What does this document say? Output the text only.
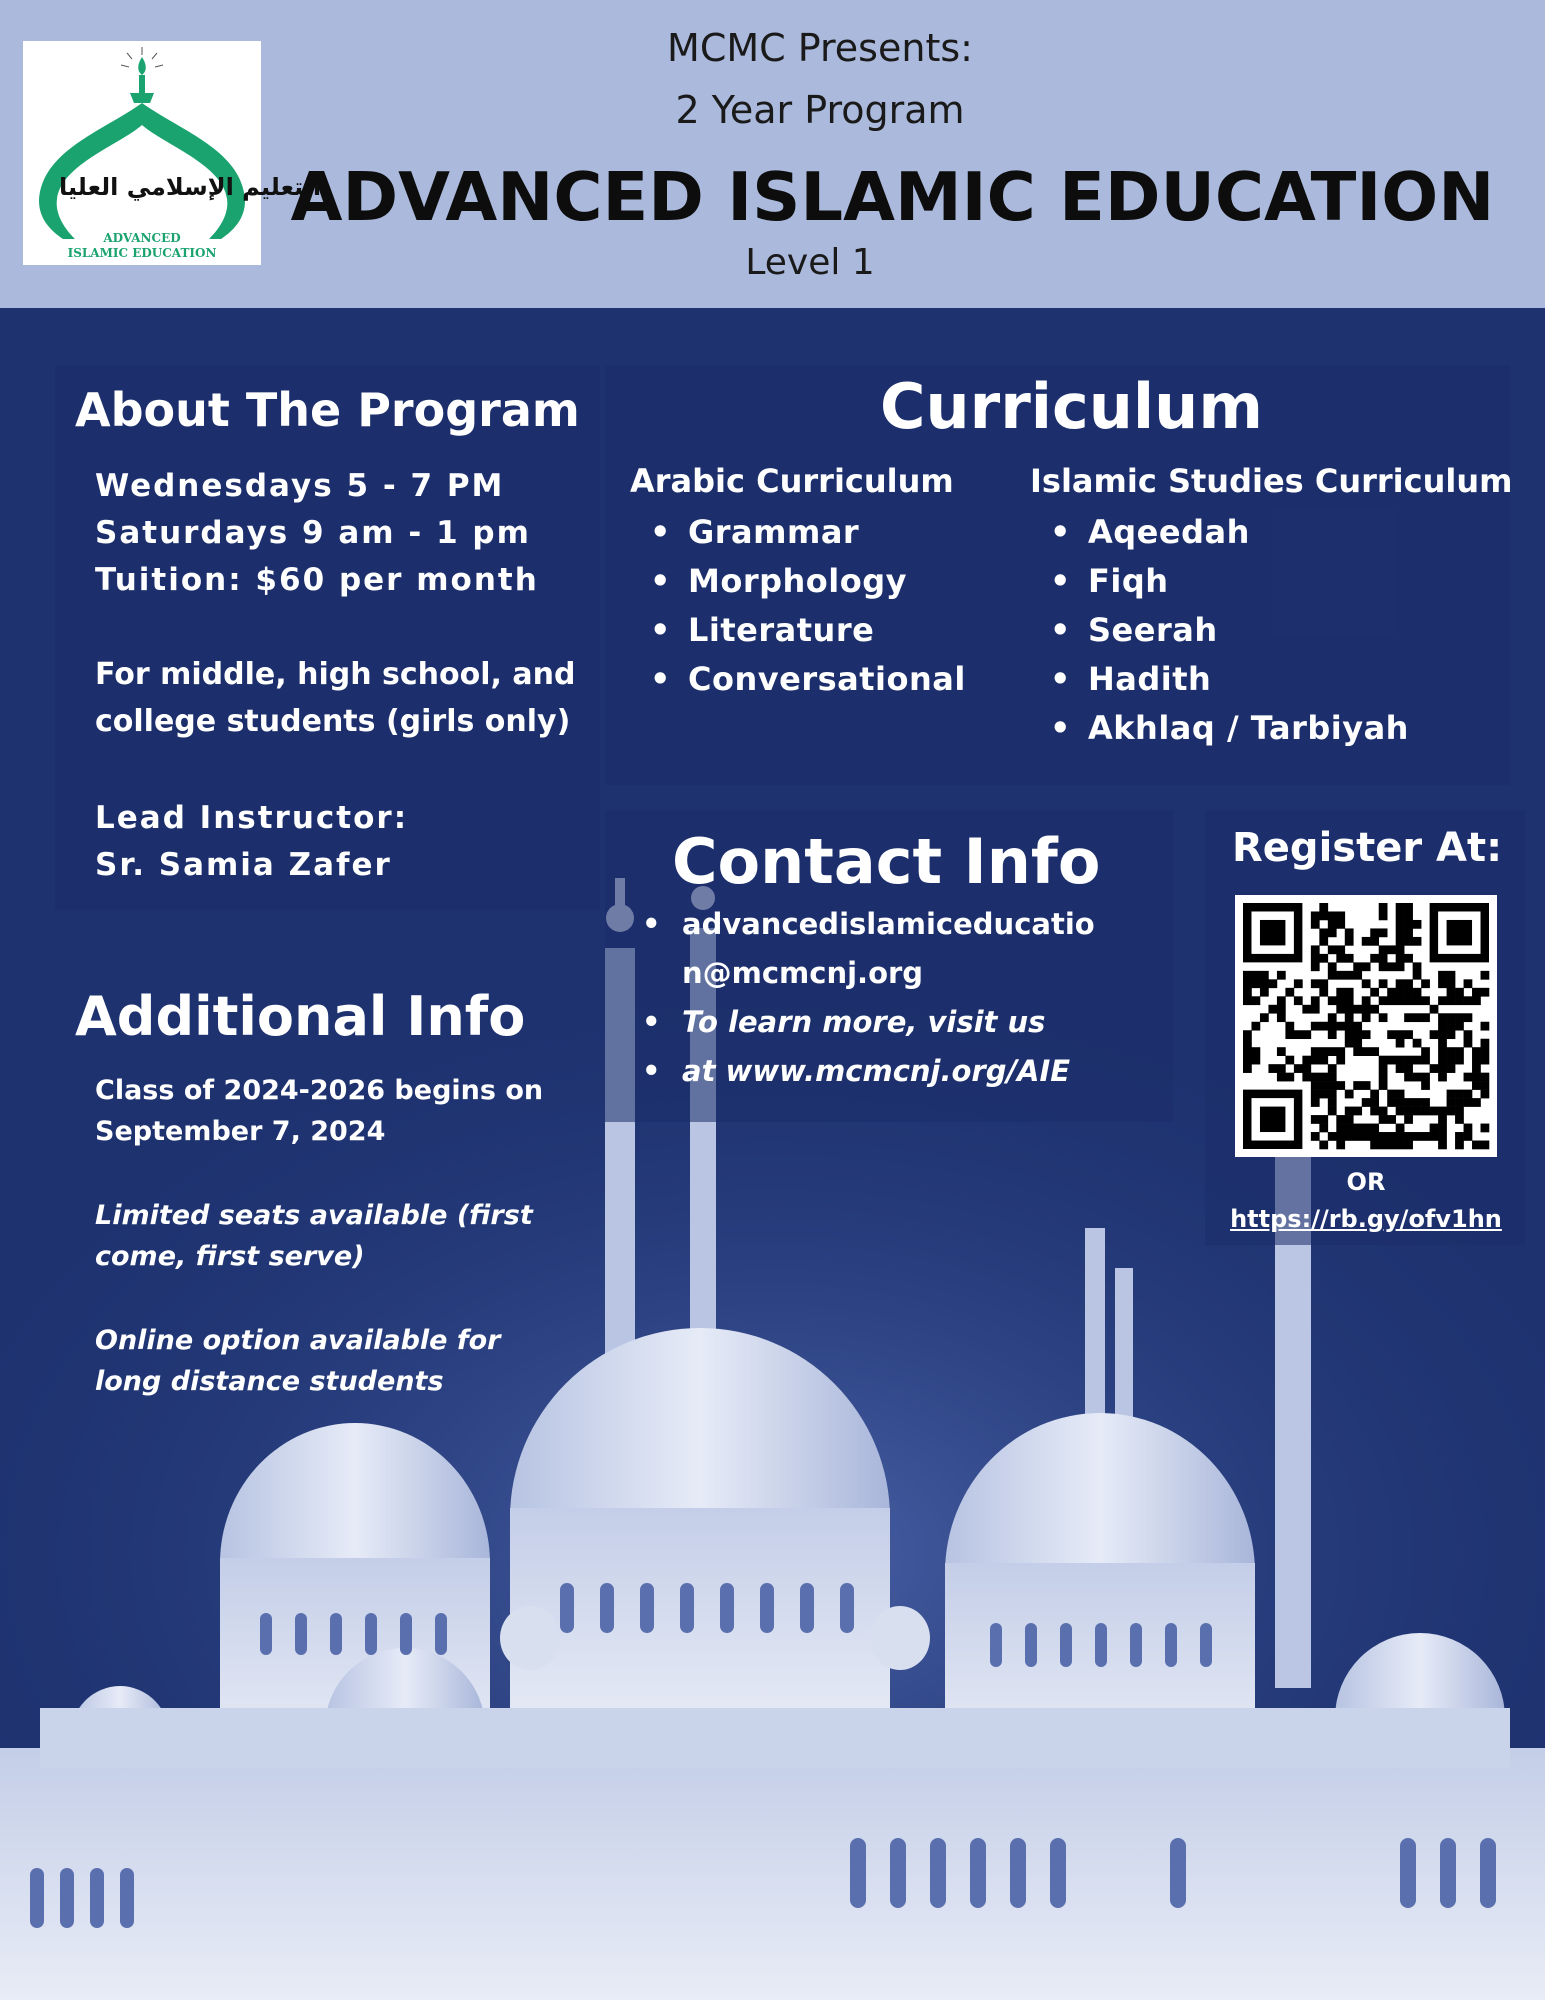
التعليم الإسلامي العليا
ADVANCED
ISLAMIC EDUCATION
MCMC Presents:
2 Year Program
ADVANCED ISLAMIC EDUCATION
Level 1
About The Program
Wednesdays 5 - 7 PM
Saturdays 9 am - 1 pm
Tuition: $60 per month
For middle, high school, and
college students (girls only)
Lead Instructor:
Sr. Samia Zafer
Curriculum
Arabic Curriculum
• Grammar
• Morphology
• Literature
• Conversational
Islamic Studies Curriculum
• Aqeedah
• Fiqh
• Seerah
• Hadith
• Akhlaq / Tarbiyah
Contact Info
• advancedislamiceducatio
n@mcmcnj.org
• To learn more, visit us
• at www.mcmcnj.org/AIE
Register At:
OR
https://rb.gy/ofv1hn
Additional Info
Class of 2024-2026 begins on
September 7, 2024
Limited seats available (first
come, first serve)
Online option available for
long distance students
